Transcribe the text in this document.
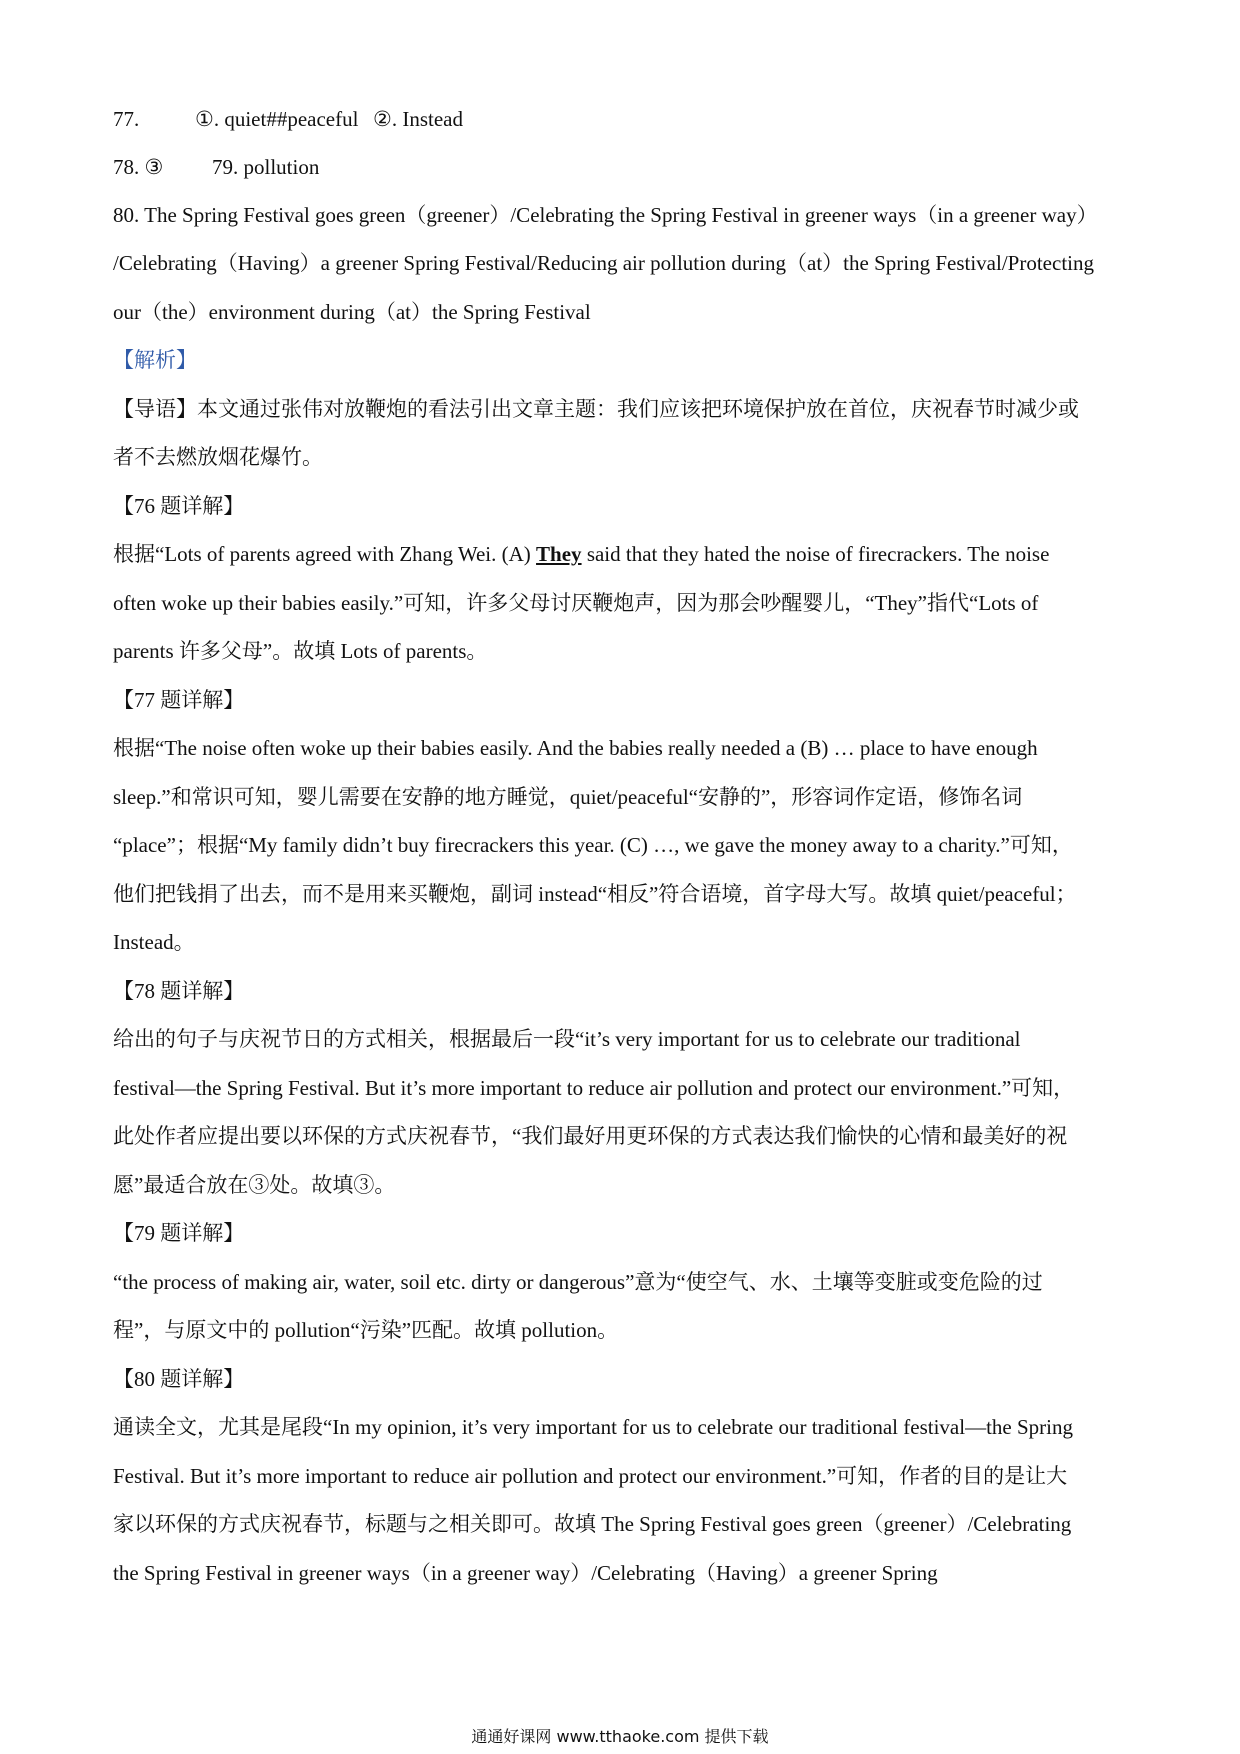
77.	①. quiet##peaceful ②. Instead
78. ③ 79. pollution
80. The Spring Festival goes green（greener）/Celebrating the Spring Festival in greener ways（in a greener way）
/Celebrating（Having）a greener Spring Festival/Reducing air pollution during（at）the Spring Festival/Protecting
our（the）environment during（at）the Spring Festival
【解析】
【导语】本文通过张伟对放鞭炮的看法引出文章主题：我们应该把环境保护放在首位，庆祝春节时减少或
者不去燃放烟花爆竹。
【76 题详解】
根据“Lots of parents agreed with Zhang Wei. (A) They said that they hated the noise of firecrackers. The noise
often woke up their babies easily.”可知，许多父母讨厌鞭炮声，因为那会吵醒婴儿，“They”指代“Lots of
parents 许多父母”。故填 Lots of parents。
【77 题详解】
根据“The noise often woke up their babies easily. And the babies really needed a (B) … place to have enough
sleep.”和常识可知，婴儿需要在安静的地方睡觉，quiet/peaceful“安静的”，形容词作定语，修饰名词
“place”；根据“My family didn’t buy firecrackers this year. (C) …, we gave the money away to a charity.”可知，
他们把钱捐了出去，而不是用来买鞭炮，副词 instead“相反”符合语境，首字母大写。故填 quiet/peaceful；
Instead。
【78 题详解】
给出的句子与庆祝节日的方式相关，根据最后一段“it’s very important for us to celebrate our traditional
festival—the Spring Festival. But it’s more important to reduce air pollution and protect our environment.”可知，
此处作者应提出要以环保的方式庆祝春节，“我们最好用更环保的方式表达我们愉快的心情和最美好的祝
愿”最适合放在③处。故填③。
【79 题详解】
“the process of making air, water, soil etc. dirty or dangerous”意为“使空气、水、土壤等变脏或变危险的过
程”，与原文中的 pollution“污染”匹配。故填 pollution。
【80 题详解】
通读全文，尤其是尾段“In my opinion, it’s very important for us to celebrate our traditional festival—the Spring
Festival. But it’s more important to reduce air pollution and protect our environment.”可知，作者的目的是让大
家以环保的方式庆祝春节，标题与之相关即可。故填 The Spring Festival goes green（greener）/Celebrating
the Spring Festival in greener ways（in a greener way）/Celebrating（Having）a greener Spring
通通好课网 www.tthaoke.com 提供下载
